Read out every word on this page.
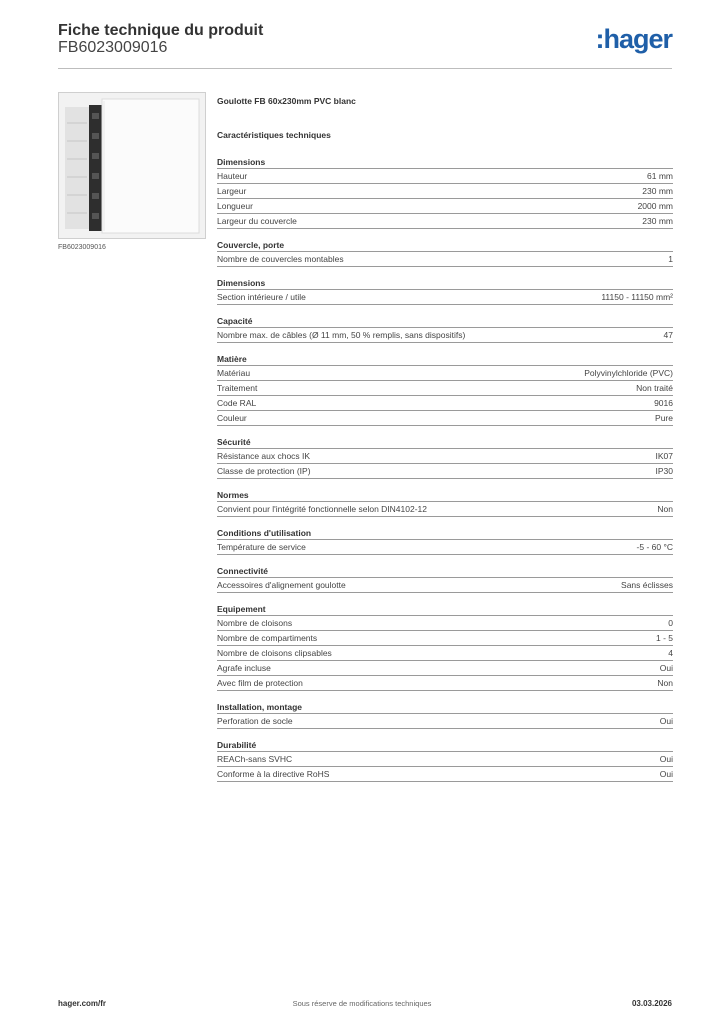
Fiche technique du produit
FB6023009016	:hager
FB6023009016
Goulotte FB 60x230mm PVC blanc
Caractéristiques techniques
Dimensions
Hauteur	61 mm
Largeur	230 mm
Longueur	2000 mm
Largeur du couvercle	230 mm
Couvercle, porte
Nombre de couvercles montables	1
Dimensions
Section intérieure / utile	11150 - 11150 mm²
Capacité
Nombre max. de câbles (Ø 11 mm, 50 % remplis, sans dispositifs)	47
Matière
Matériau	Polyvinylchloride (PVC)
Traitement	Non traité
Code RAL	9016
Couleur	Pure
Sécurité
Résistance aux chocs IK	IK07
Classe de protection (IP)	IP30
Normes
Convient pour l'intégrité fonctionnelle selon DIN4102-12	Non
Conditions d'utilisation
Température de service	-5 - 60 °C
Connectivité
Accessoires d'alignement goulotte	Sans éclisses
Equipement
Nombre de cloisons	0
Nombre de compartiments	1 - 5
Nombre de cloisons clipsables	4
Agrafe incluse	Oui
Avec film de protection	Non
Installation, montage
Perforation de socle	Oui
Durabilité
REACh-sans SVHC	Oui
Conforme à la directive RoHS	Oui
hager.com/fr	Sous réserve de modifications techniques	03.03.2026
